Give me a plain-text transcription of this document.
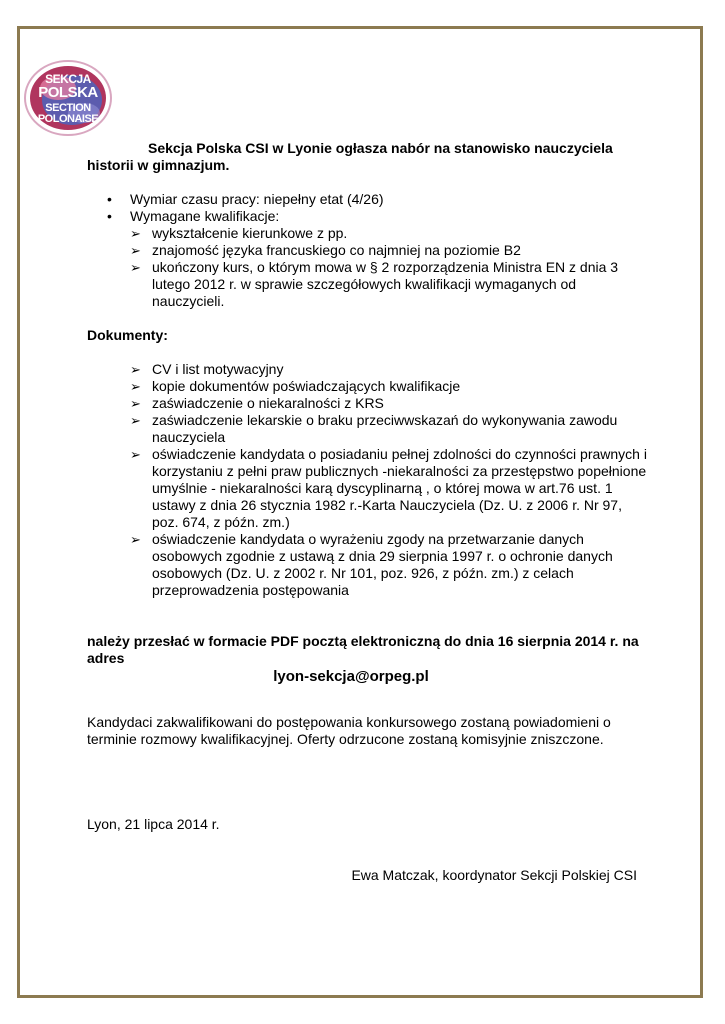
SEKCJA
POLSKA
SECTION
POLONAISE

Sekcja Polska CSI w Lyonie ogłasza nabór na stanowisko nauczyciela historii w gimnazjum.

• Wymiar czasu pracy: niepełny etat (4/26)
• Wymagane kwalifikacje:
➢ wykształcenie kierunkowe z pp.
➢ znajomość języka francuskiego co najmniej na poziomie B2
➢ ukończony kurs, o którym mowa w § 2 rozporządzenia Ministra EN z dnia 3 lutego 2012 r. w sprawie szczegółowych kwalifikacji wymaganych od nauczycieli.

Dokumenty:

➢ CV i list motywacyjny
➢ kopie dokumentów poświadczających kwalifikacje
➢ zaświadczenie o niekaralności z KRS
➢ zaświadczenie lekarskie o braku przeciwwskazań do wykonywania zawodu nauczyciela
➢ oświadczenie kandydata o posiadaniu pełnej zdolności do czynności prawnych i korzystaniu z pełni praw publicznych -niekaralności za przestępstwo popełnione umyślnie - niekaralności karą dyscyplinarną , o której mowa w art.76 ust. 1 ustawy z dnia 26 stycznia 1982 r.-Karta Nauczyciela (Dz. U. z 2006 r. Nr 97, poz. 674, z późn. zm.)
➢ oświadczenie kandydata o wyrażeniu zgody na przetwarzanie danych osobowych zgodnie z ustawą z dnia 29 sierpnia 1997 r. o ochronie danych osobowych (Dz. U. z 2002 r. Nr 101, poz. 926, z późn. zm.) z celach przeprowadzenia postępowania

należy przesłać w formacie PDF pocztą elektroniczną do dnia 16 sierpnia 2014 r. na adres

lyon-sekcja@orpeg.pl

Kandydaci zakwalifikowani do postępowania konkursowego zostaną powiadomieni o terminie rozmowy kwalifikacyjnej. Oferty odrzucone zostaną komisyjnie zniszczone.

Lyon, 21 lipca 2014 r.

Ewa Matczak, koordynator Sekcji Polskiej CSI
